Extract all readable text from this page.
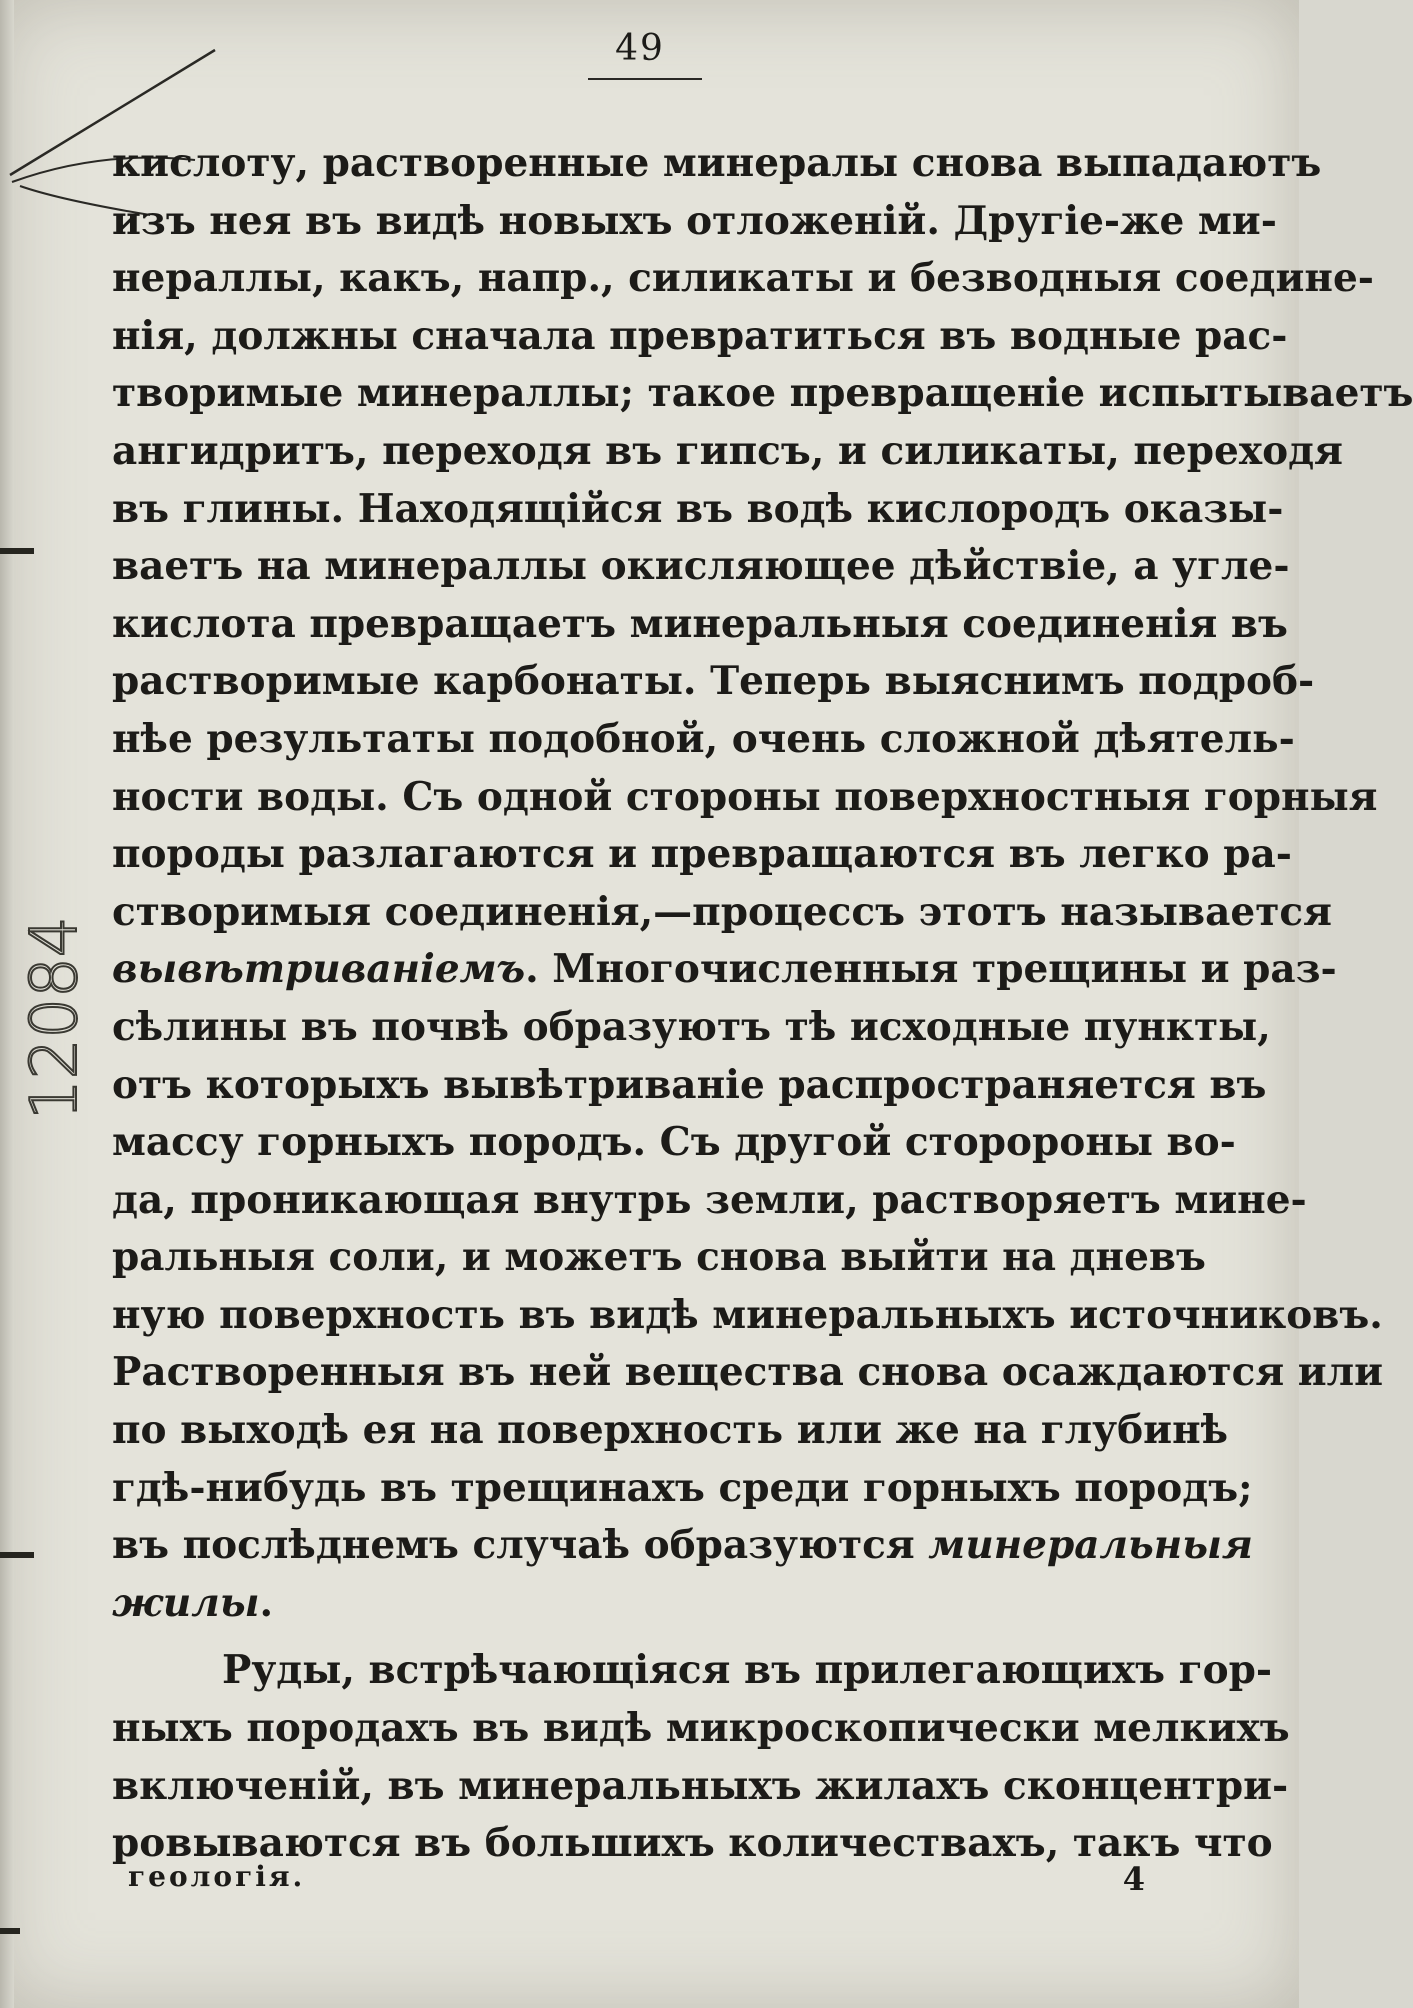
12084
49
кислоту, растворенные минералы снова выпадаютъ
изъ нея въ видѣ новыхъ отложенiй. Другiе-же ми-
нераллы, какъ, напр., силикаты и безводныя соедине-
нiя, должны сначала превратиться въ водные рас-
творимые минераллы; такое превращенiе испытываетъ
ангидритъ, переходя въ гипсъ, и силикаты, переходя
въ глины. Находящiйся въ водѣ кислородъ оказы-
ваетъ на минераллы окисляющее дѣйствiе, а угле-
кислота превращаетъ минеральныя соединенiя въ
растворимые карбонаты. Теперь выяснимъ подроб-
нѣе результаты подобной, очень сложной дѣятель-
ности воды. Съ одной стороны поверхностныя горныя
породы разлагаются и превращаются въ легко ра-
створимыя соединенiя,—процессъ этотъ называется
вывѣтриванiемъ. Многочисленныя трещины и раз-
сѣлины въ почвѣ образуютъ тѣ исходные пункты,
отъ которыхъ вывѣтриванiе распространяется въ
массу горныхъ породъ. Съ другой сторороны во-
да, проникающая внутрь земли, растворяетъ мине-
ральныя соли, и можетъ снова выйти на дневъ
ную поверхность въ видѣ минеральныхъ источниковъ.
Растворенныя въ ней вещества снова осаждаются или
по выходѣ ея на поверхность или же на глубинѣ
гдѣ-нибудь въ трещинахъ среди горныхъ породъ;
въ послѣднемъ случаѣ образуются минеральныя
жилы.
Руды, встрѣчающiяся въ прилегающихъ гор-
ныхъ породахъ въ видѣ микроскопически мелкихъ
включенiй, въ минеральныхъ жилахъ сконцентри-
ровываются въ большихъ количествахъ, такъ что
геологiя.	4
